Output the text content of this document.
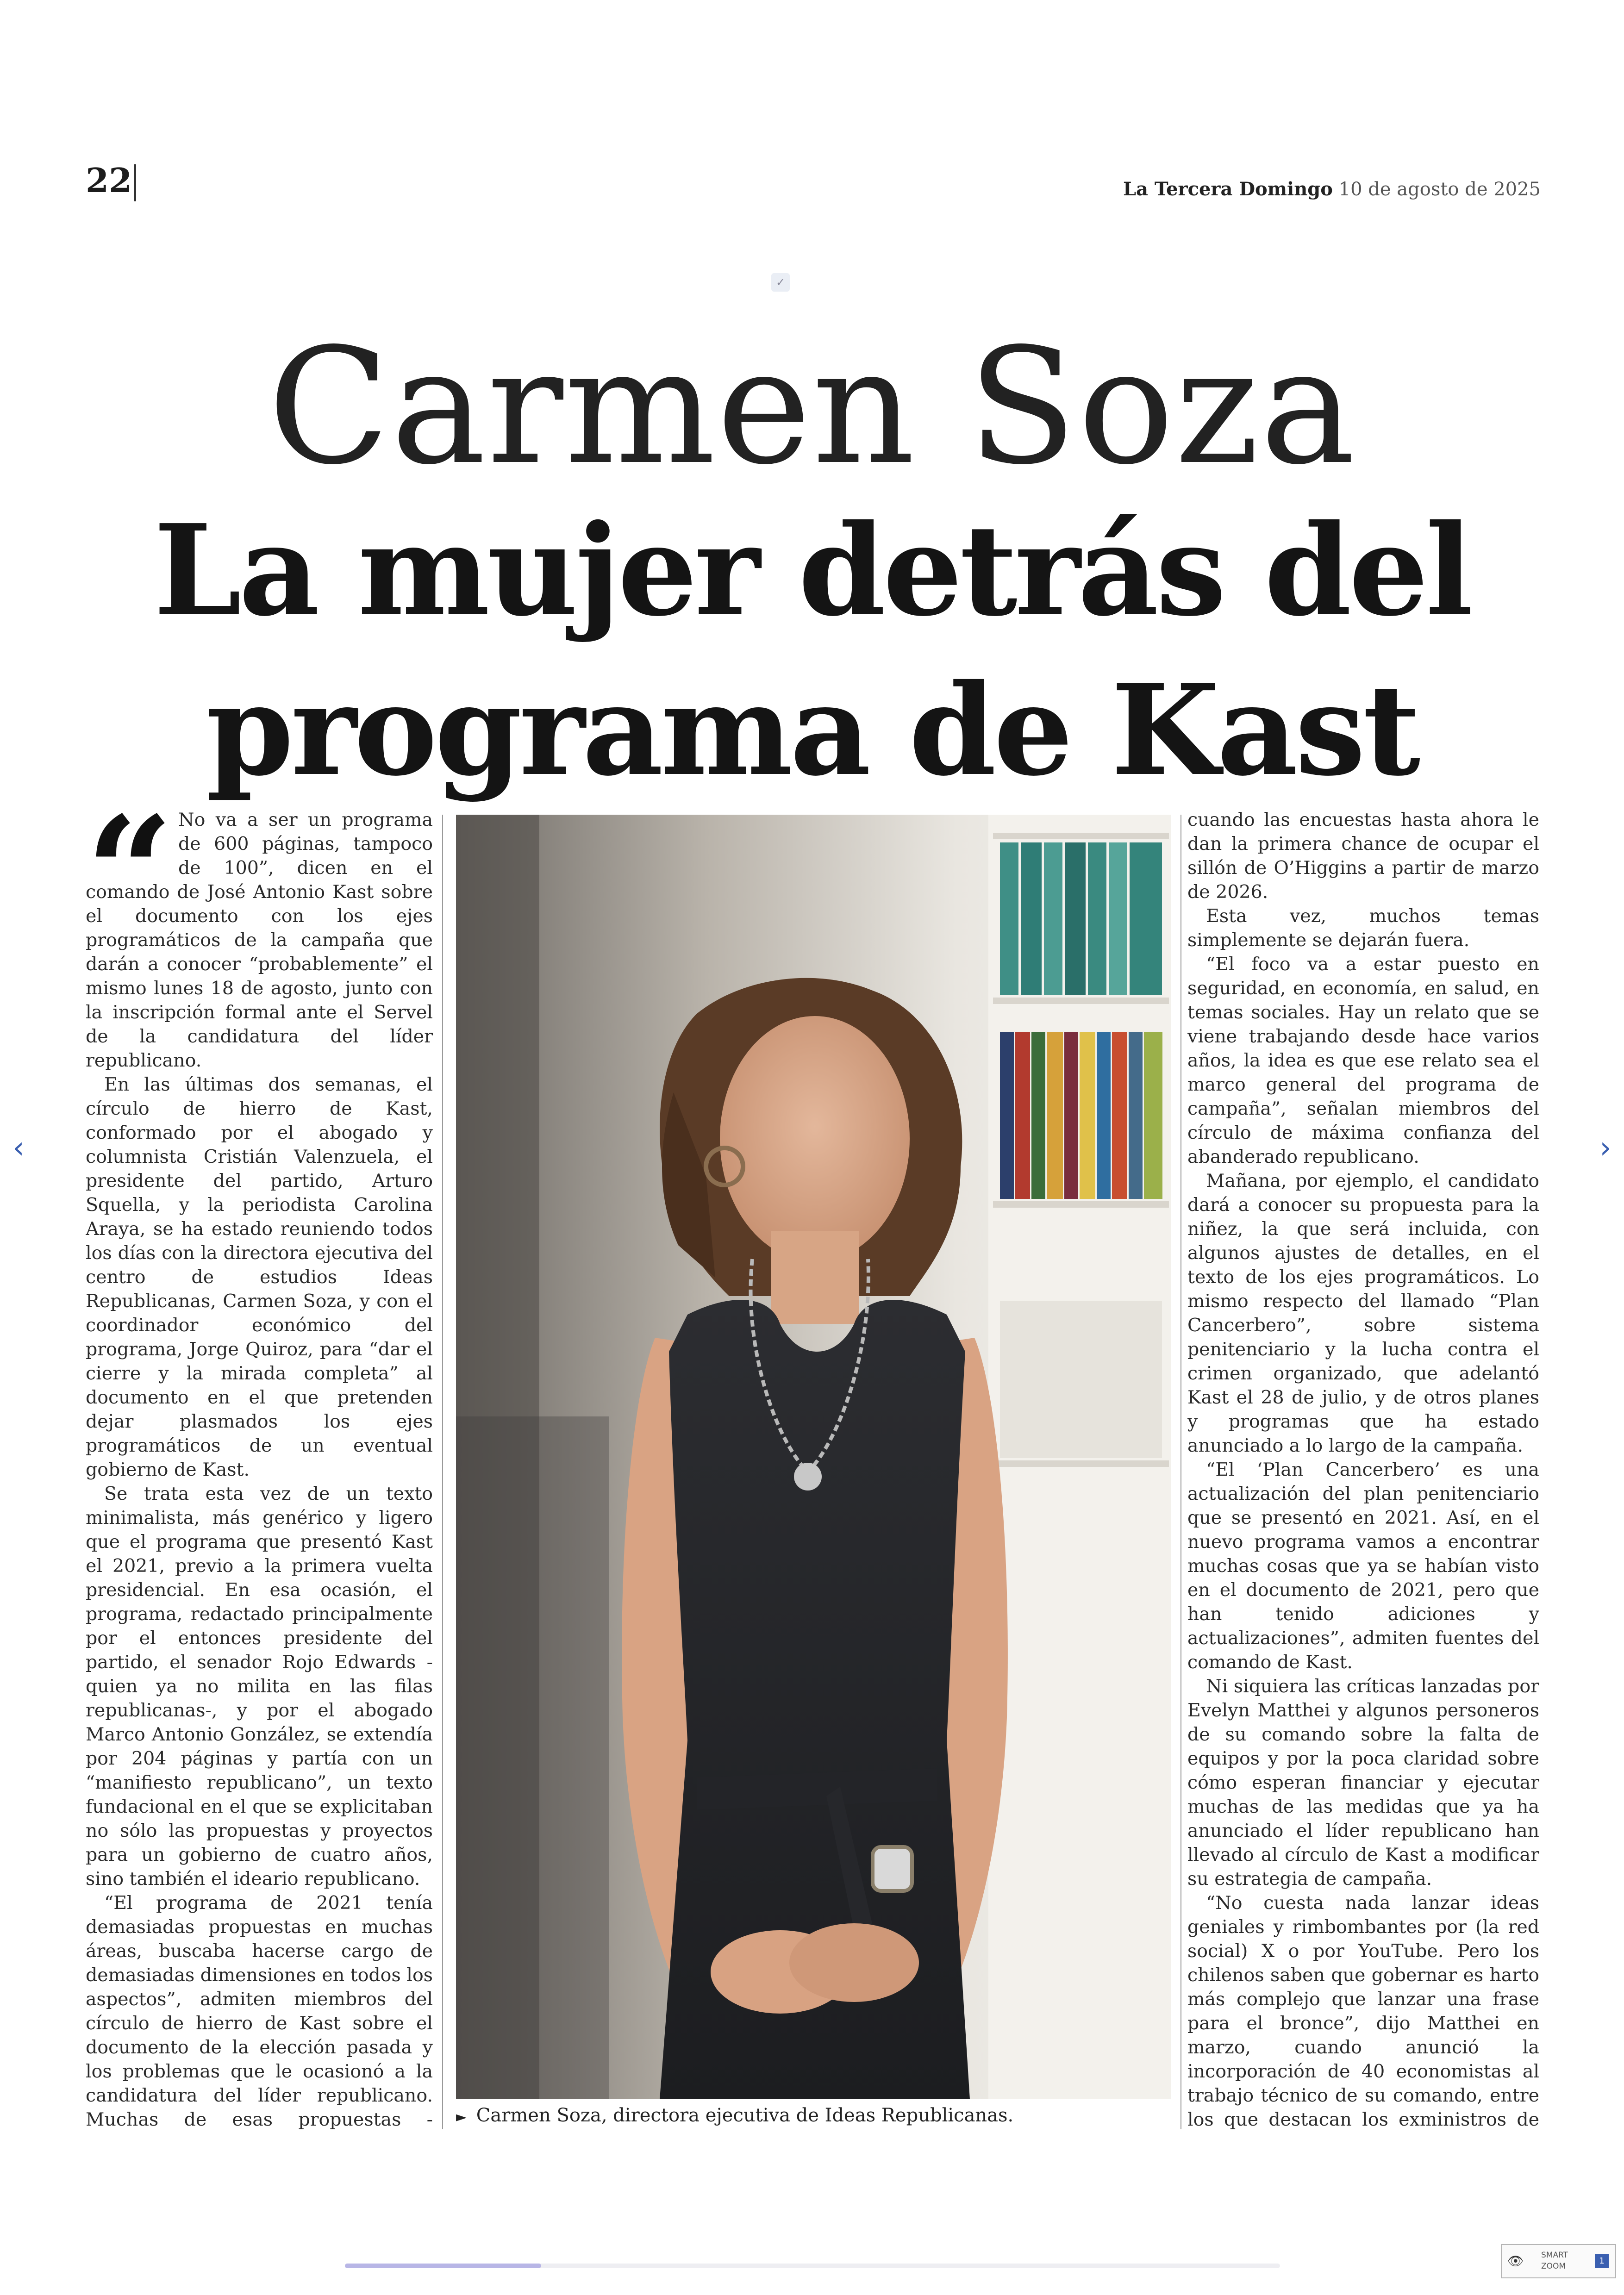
22	La Tercera Domingo 10 de agosto de 2025
✓
Carmen Soza
La mujer detrás del
programa de Kast
“ No va a ser un programa de 600 páginas, tampoco de 100”, dicen en el comando de José Antonio Kast sobre el documento con los ejes programáticos de la campaña que darán a conocer “probablemente” el mismo lunes 18 de agosto, junto con la inscripción formal ante el Servel de la candidatura del líder republicano.

En las últimas dos semanas, el círculo de hierro de Kast, conformado por el abogado y columnista Cristián Valenzuela, el presidente del partido, Arturo Squella, y la periodista Carolina Araya, se ha estado reuniendo todos los días con la directora ejecutiva del centro de estudios Ideas Republicanas, Carmen Soza, y con el coordinador económico del programa, Jorge Quiroz, para “dar el cierre y la mirada completa” al documento en el que pretenden dejar plasmados los ejes programáticos de un eventual gobierno de Kast.

Se trata esta vez de un texto minimalista, más genérico y ligero que el programa que presentó Kast el 2021, previo a la primera vuelta presidencial. En esa ocasión, el programa, redactado principalmente por el entonces presidente del partido, el senador Rojo Edwards -quien ya no milita en las filas republicanas-, y por el abogado Marco Antonio González, se extendía por 204 páginas y partía con un “manifiesto republicano”, un texto fundacional en el que se explicitaban no sólo las propuestas y proyectos para un gobierno de cuatro años, sino también el ideario republicano.

“El programa de 2021 tenía demasiadas propuestas en muchas áreas, buscaba hacerse cargo de demasiadas dimensiones en todos los aspectos”, admiten miembros del círculo de hierro de Kast sobre el documento de la elección pasada y los problemas que le ocasionó a la candidatura del líder republicano. Muchas de esas propuestas - ► Carmen Soza, directora ejecutiva de Ideas Republicanas.

cuando las encuestas hasta ahora le dan la primera chance de ocupar el sillón de O’Higgins a partir de marzo de 2026.

Esta vez, muchos temas simplemente se dejarán fuera.

“El foco va a estar puesto en seguridad, en economía, en salud, en temas sociales. Hay un relato que se viene trabajando desde hace varios años, la idea es que ese relato sea el marco general del programa de campaña”, señalan miembros del círculo de máxima confianza del abanderado republicano.

Mañana, por ejemplo, el candidato dará a conocer su propuesta para la niñez, la que será incluida, con algunos ajustes de detalles, en el texto de los ejes programáticos. Lo mismo respecto del llamado “Plan Cancerbero”, sobre sistema penitenciario y la lucha contra el crimen organizado, que adelantó Kast el 28 de julio, y de otros planes y programas que ha estado anunciado a lo largo de la campaña.

“El ‘Plan Cancerbero’ es una actualización del plan penitenciario que se presentó en 2021. Así, en el nuevo programa vamos a encontrar muchas cosas que ya se habían visto en el documento de 2021, pero que han tenido adiciones y actualizaciones”, admiten fuentes del comando de Kast.

Ni siquiera las críticas lanzadas por Evelyn Matthei y algunos personeros de su comando sobre la falta de equipos y por la poca claridad sobre cómo esperan financiar y ejecutar muchas de las medidas que ya ha anunciado el líder republicano han llevado al círculo de Kast a modificar su estrategia de campaña.

“No cuesta nada lanzar ideas geniales y rimbombantes por (la red social) X o por YouTube. Pero los chilenos saben que gobernar es harto más complejo que lanzar una frase para el bronce”, dijo Matthei en marzo, cuando anunció la incorporación de 40 economistas al trabajo técnico de su comando, entre los que destacan los exministros de

‹	›
👁 SMART
ZOOM
1
